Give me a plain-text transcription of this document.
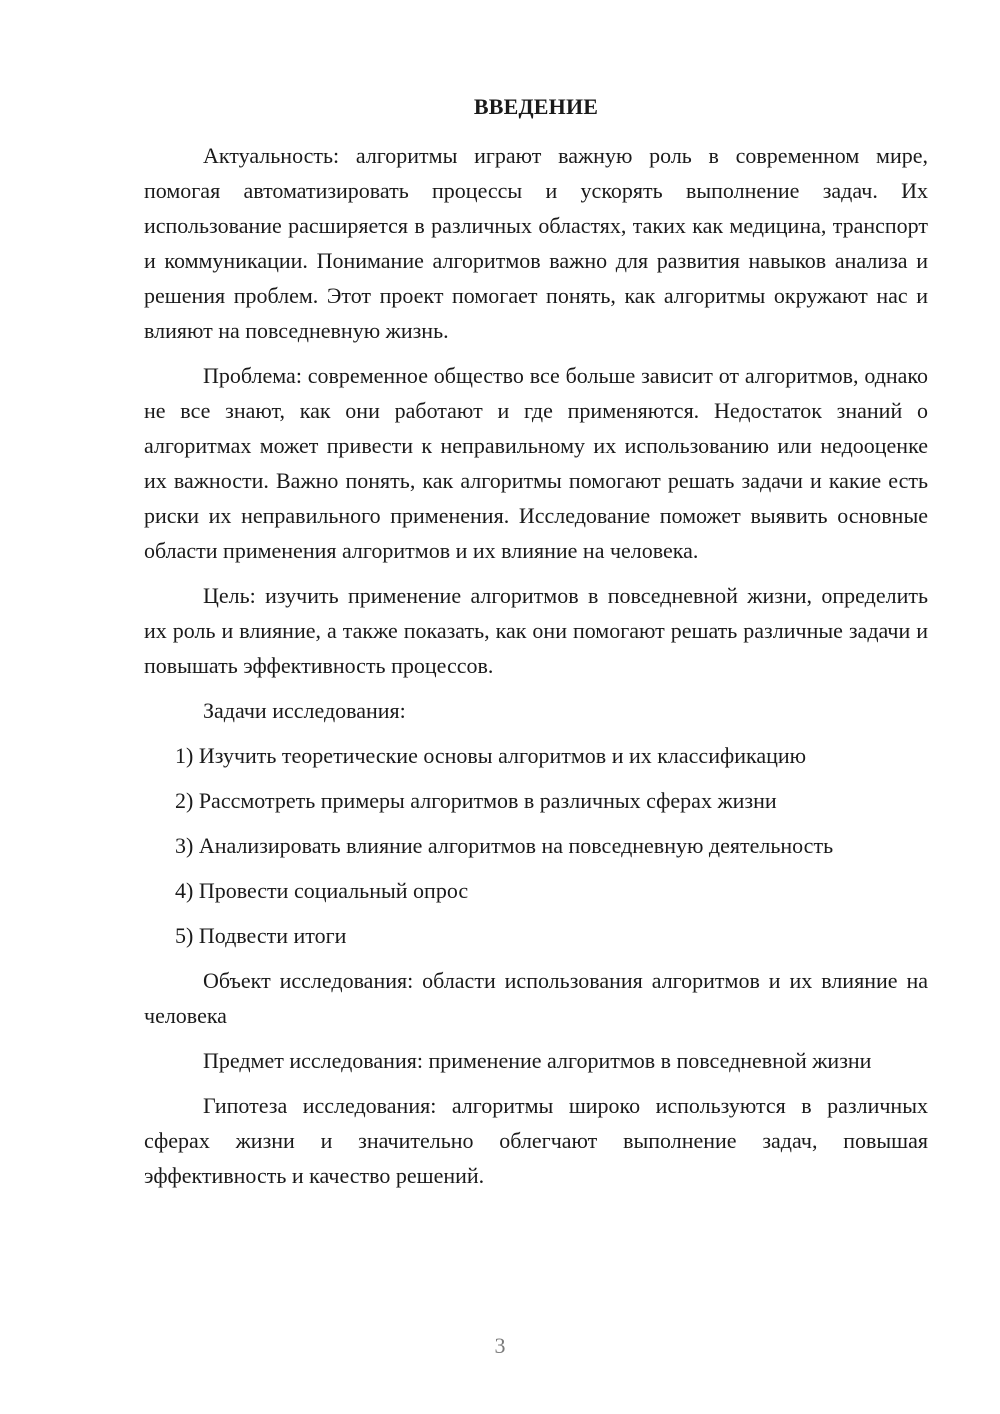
ВВЕДЕНИЕ

Актуальность: алгоритмы играют важную роль в современном мире, помогая автоматизировать процессы и ускорять выполнение задач. Их использование расширяется в различных областях, таких как медицина, транспорт и коммуникации. Понимание алгоритмов важно для развития навыков анализа и решения проблем. Этот проект помогает понять, как алгоритмы окружают нас и влияют на повседневную жизнь.

Проблема: современное общество все больше зависит от алгоритмов, однако не все знают, как они работают и где применяются. Недостаток знаний о алгоритмах может привести к неправильному их использованию или недооценке их важности. Важно понять, как алгоритмы помогают решать задачи и какие есть риски их неправильного применения. Исследование поможет выявить основные области применения алгоритмов и их влияние на человека.

Цель: изучить применение алгоритмов в повседневной жизни, определить их роль и влияние, а также показать, как они помогают решать различные задачи и повышать эффективность процессов.

Задачи исследования:

1) Изучить теоретические основы алгоритмов и их классификацию
2) Рассмотреть примеры алгоритмов в различных сферах жизни
3) Анализировать влияние алгоритмов на повседневную деятельность
4) Провести социальный опрос
5) Подвести итоги

Объект исследования: области использования алгоритмов и их влияние на человека

Предмет исследования: применение алгоритмов в повседневной жизни

Гипотеза исследования: алгоритмы широко используются в различных сферах жизни и значительно облегчают выполнение задач, повышая эффективность и качество решений.

3
